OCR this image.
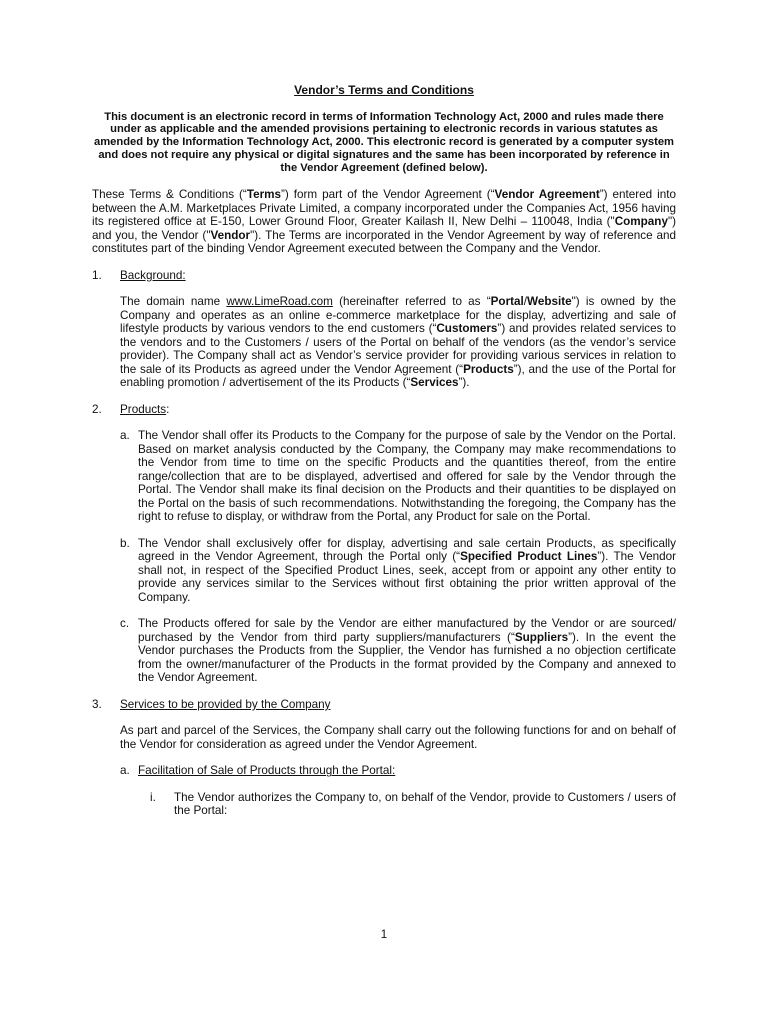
Vendor’s Terms and Conditions
This document is an electronic record in terms of Information Technology Act, 2000 and rules made there under as applicable and the amended provisions pertaining to electronic records in various statutes as amended by the Information Technology Act, 2000. This electronic record is generated by a computer system and does not require any physical or digital signatures and the same has been incorporated by reference in the Vendor Agreement (defined below).

These Terms & Conditions (“Terms”) form part of the Vendor Agreement (“Vendor Agreement”) entered into between the A.M. Marketplaces Private Limited, a company incorporated under the Companies Act, 1956 having its registered office at E-150, Lower Ground Floor, Greater Kailash II, New Delhi – 110048, India ("Company") and you, the Vendor ("Vendor"). The Terms are incorporated in the Vendor Agreement by way of reference and constitutes part of the binding Vendor Agreement executed between the Company and the Vendor.

1.	Background:

The domain name www.LimeRoad.com (hereinafter referred to as “Portal/Website") is owned by the Company and operates as an online e-commerce marketplace for the display, advertizing and sale of lifestyle products by various vendors to the end customers (“Customers”) and provides related services to the vendors and to the Customers / users of the Portal on behalf of the vendors (as the vendor’s service provider). The Company shall act as Vendor’s service provider for providing various services in relation to the sale of its Products as agreed under the Vendor Agreement (“Products”), and the use of the Portal for enabling promotion / advertisement of the its Products (“Services”).

2.	Products:
a. The Vendor shall offer its Products to the Company for the purpose of sale by the Vendor on the Portal. Based on market analysis conducted by the Company, the Company may make recommendations to the Vendor from time to time on the specific Products and the quantities thereof, from the entire range/collection that are to be displayed, advertised and offered for sale by the Vendor through the Portal. The Vendor shall make its final decision on the Products and their quantities to be displayed on the Portal on the basis of such recommendations. Notwithstanding the foregoing, the Company has the right to refuse to display, or withdraw from the Portal, any Product for sale on the Portal.

b. The Vendor shall exclusively offer for display, advertising and sale certain Products, as specifically agreed in the Vendor Agreement, through the Portal only (“Specified Product Lines”). The Vendor shall not, in respect of the Specified Product Lines, seek, accept from or appoint any other entity to provide any services similar to the Services without first obtaining the prior written approval of the Company.

c. The Products offered for sale by the Vendor are either manufactured by the Vendor or are sourced/ purchased by the Vendor from third party suppliers/manufacturers (“Suppliers”). In the event the Vendor purchases the Products from the Supplier, the Vendor has furnished a no objection certificate from the owner/manufacturer of the Products in the format provided by the Company and annexed to the Vendor Agreement.

3.	Services to be provided by the Company

As part and parcel of the Services, the Company shall carry out the following functions for and on behalf of the Vendor for consideration as agreed under the Vendor Agreement.

a. Facilitation of Sale of Products through the Portal:
i.	The Vendor authorizes the Company to, on behalf of the Vendor, provide to Customers / users of the Portal:

1
